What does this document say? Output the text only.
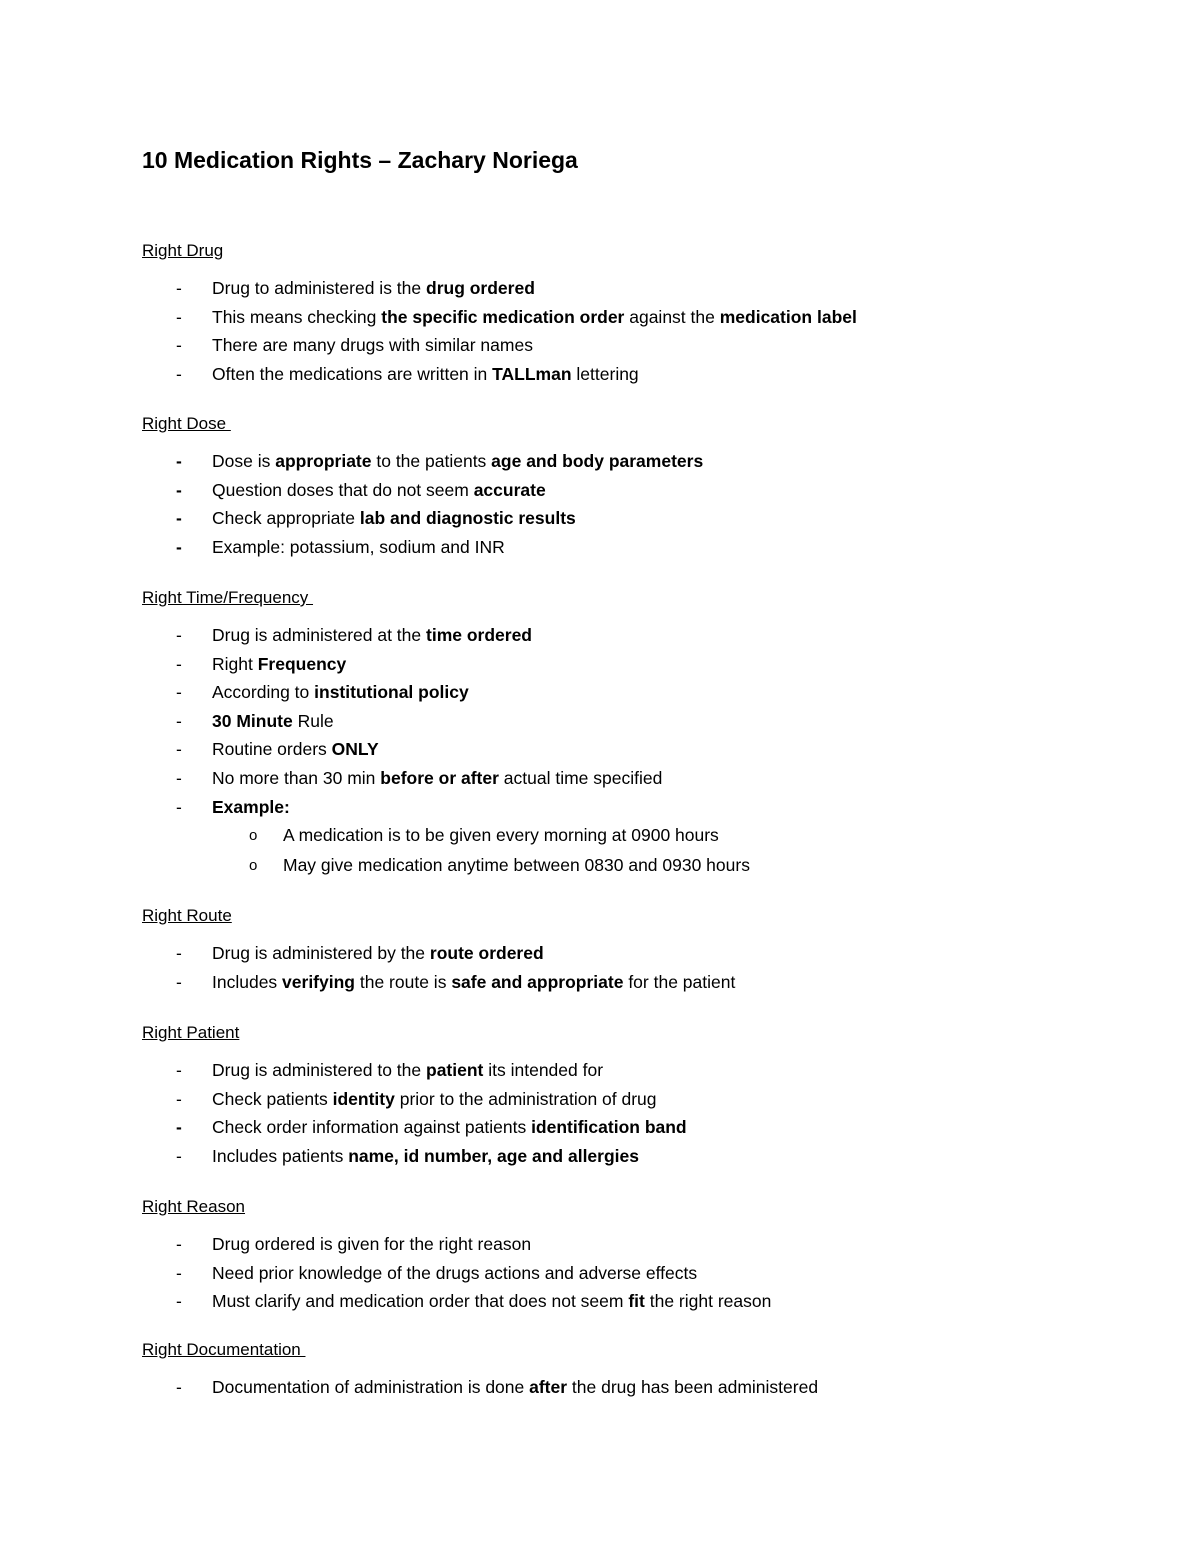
10 Medication Rights – Zachary Noriega
Right Drug
-	Drug to administered is the drug ordered
-	This means checking the specific medication order against the medication label
-	There are many drugs with similar names
-	Often the medications are written in TALLman lettering
Right Dose
-	Dose is appropriate to the patients age and body parameters
-	Question doses that do not seem accurate
-	Check appropriate lab and diagnostic results
-	Example: potassium, sodium and INR
Right Time/Frequency
-	Drug is administered at the time ordered
-	Right Frequency
-	According to institutional policy
-	30 Minute Rule
-	Routine orders ONLY
-	No more than 30 min before or after actual time specified
-	Example:
o A medication is to be given every morning at 0900 hours
o May give medication anytime between 0830 and 0930 hours
Right Route
-	Drug is administered by the route ordered
-	Includes verifying the route is safe and appropriate for the patient
Right Patient
-	Drug is administered to the patient its intended for
-	Check patients identity prior to the administration of drug
-	Check order information against patients identification band
-	Includes patients name, id number, age and allergies
Right Reason
-	Drug ordered is given for the right reason
-	Need prior knowledge of the drugs actions and adverse effects
-	Must clarify and medication order that does not seem fit the right reason
Right Documentation
-	Documentation of administration is done after the drug has been administered
